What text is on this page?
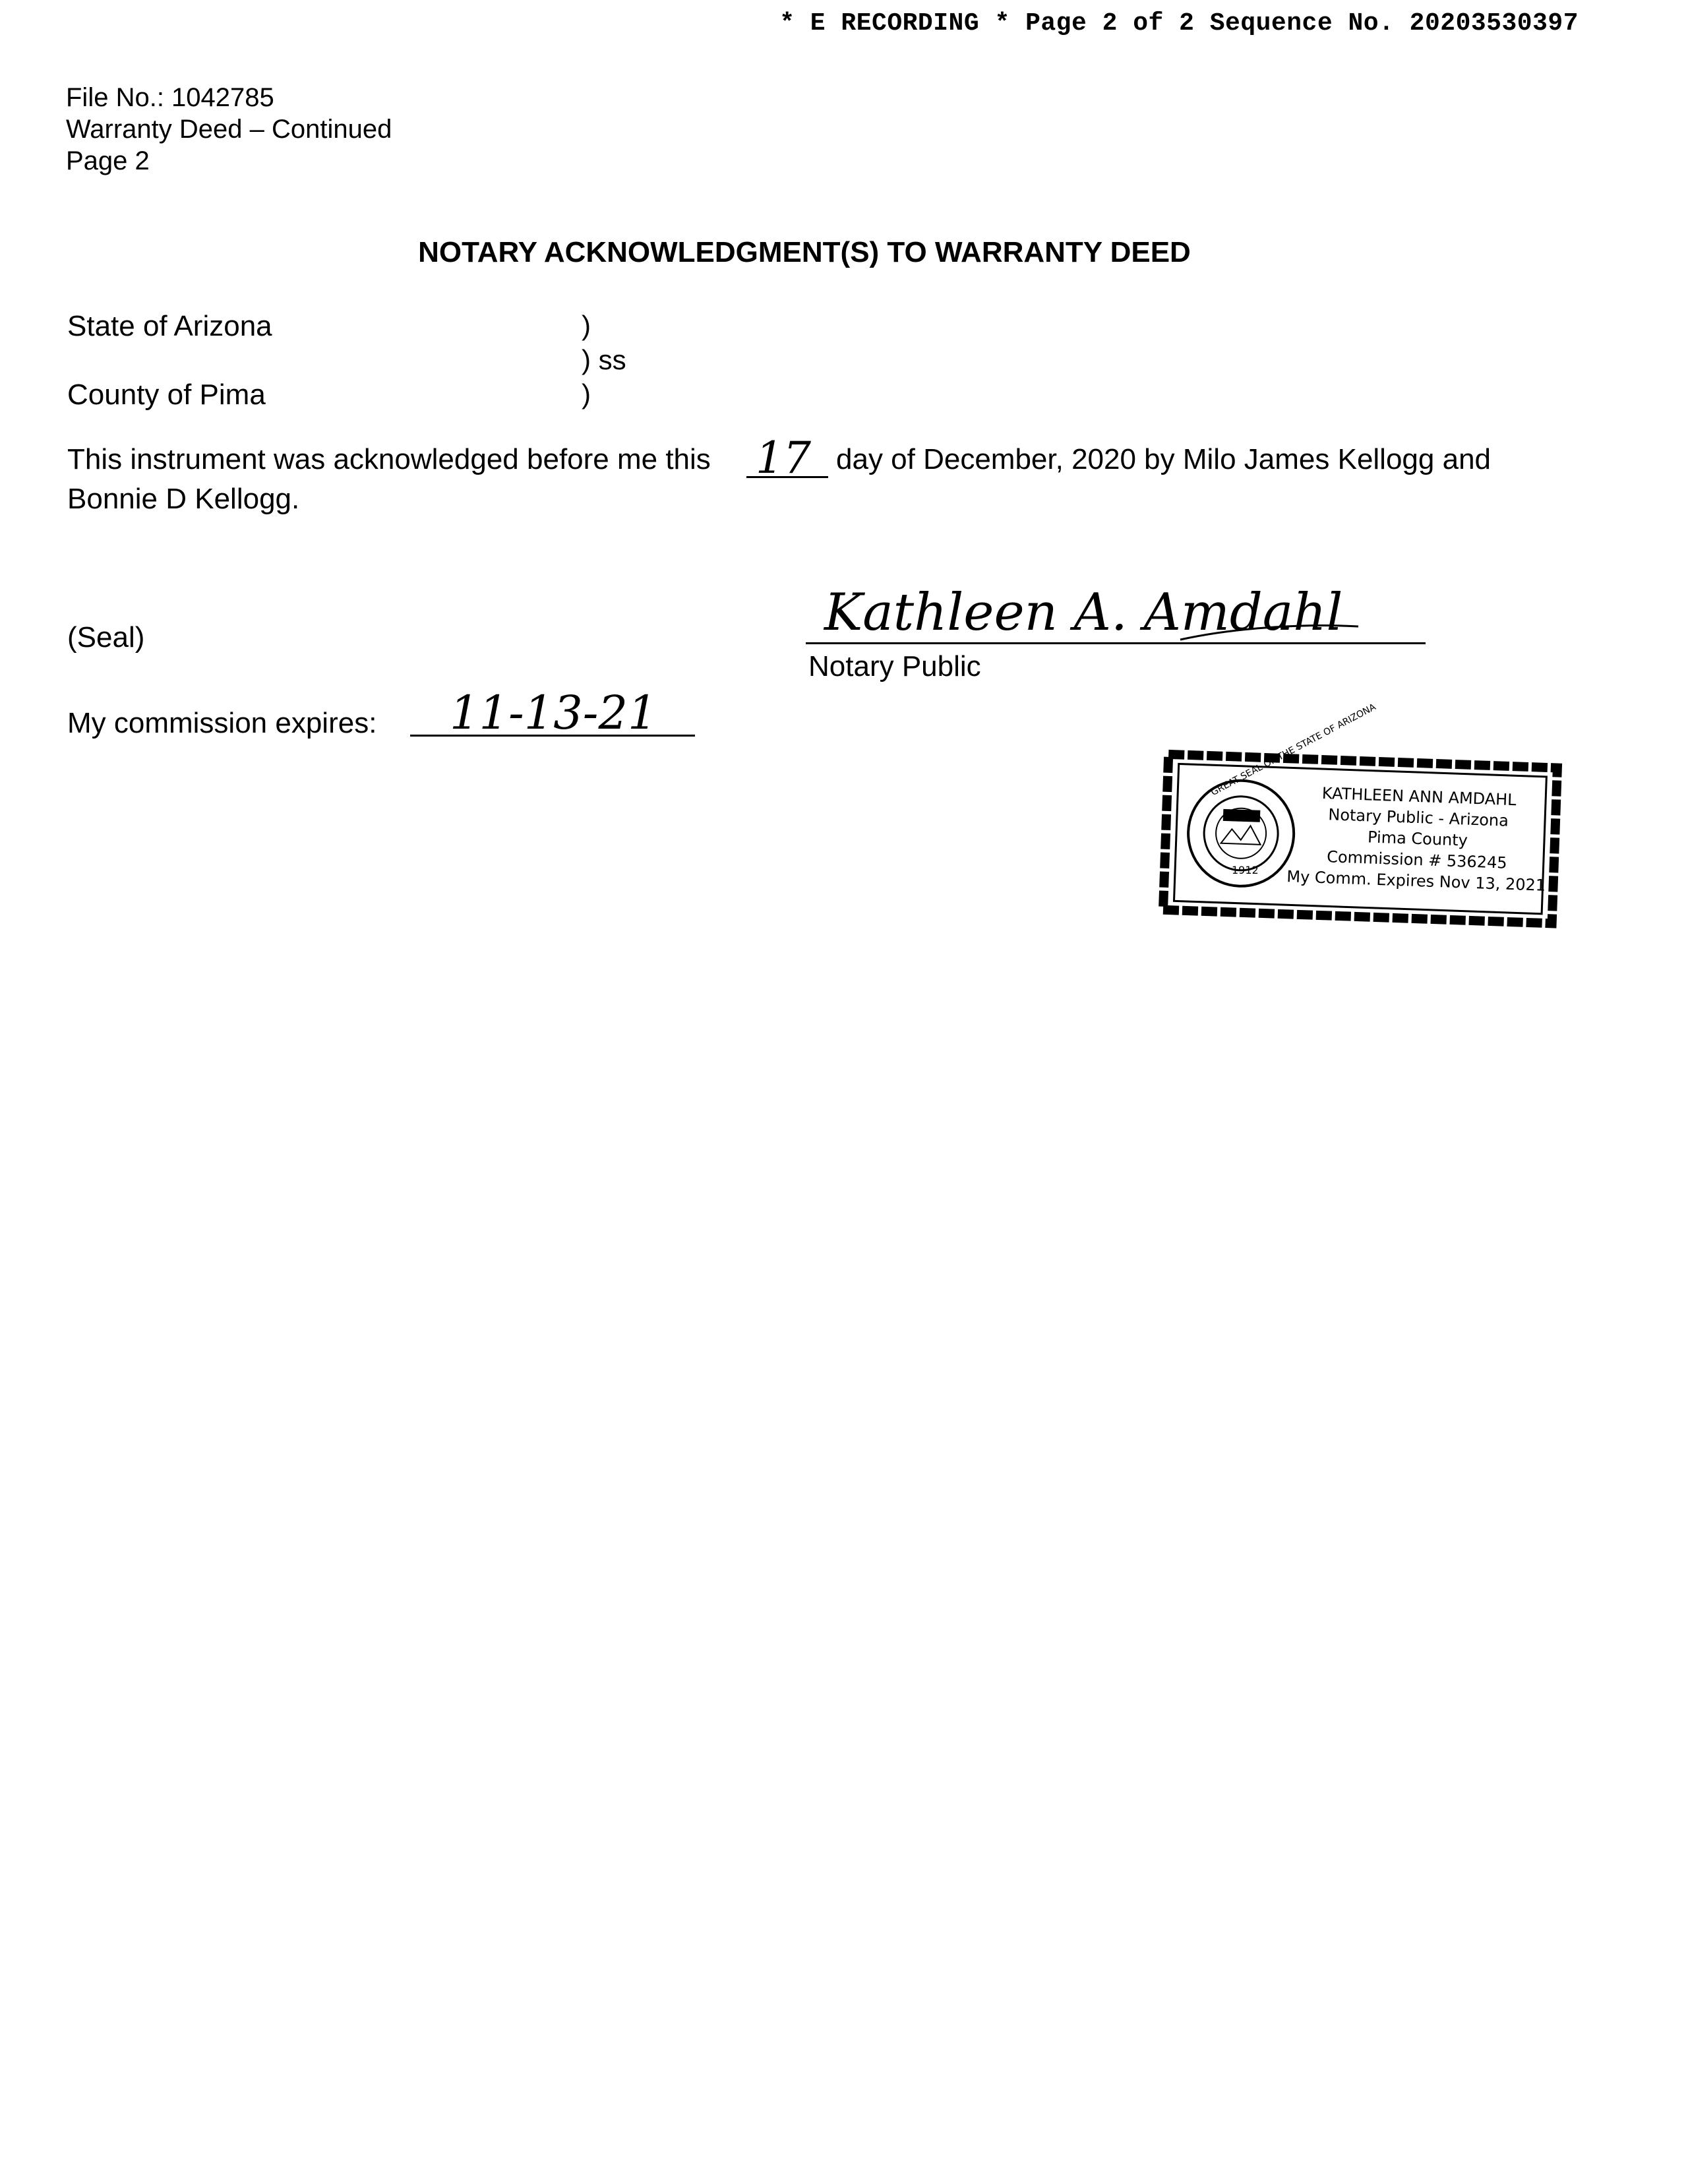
* E RECORDING * Page 2 of 2 Sequence No. 20203530397
File No.: 1042785
Warranty Deed – Continued
Page 2
NOTARY ACKNOWLEDGMENT(S) TO WARRANTY DEED
State of Arizona
County of Pima
)
) ss
)
This instrument was acknowledged before me this 17 day of December, 2020 by Milo James Kellogg and
Bonnie D Kellogg.
(Seal)	Kathleen A. Amdahl
Notary Public
My commission expires: 11-13-21	GREAT SEAL OF THE STATE OF ARIZONA
1912
KATHLEEN ANN AMDAHL
Notary Public - Arizona
Pima County
Commission # 536245
My Comm. Expires Nov 13, 2021
